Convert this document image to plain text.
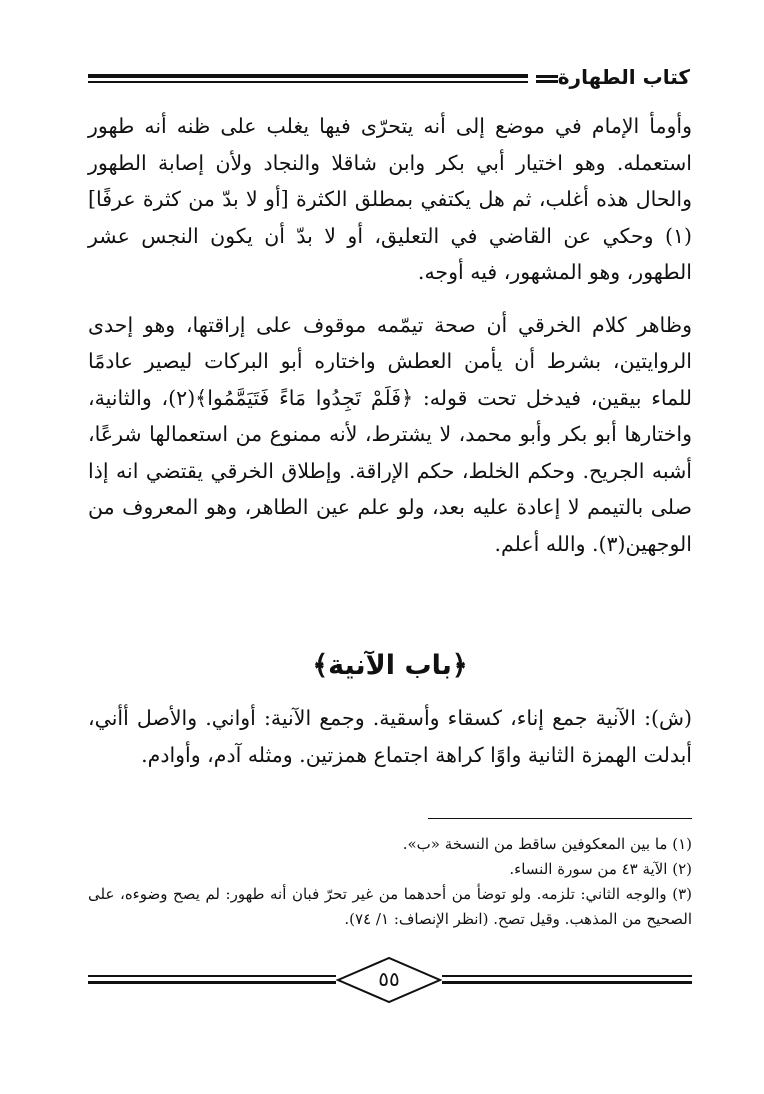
كتاب الطهارة

وأومأ الإمام في موضع إلى أنه يتحرّى فيها يغلب على ظنه أنه طهور استعمله. وهو اختيار أبي بكر وابن شاقلا والنجاد ولأن إصابة الطهور والحال هذه أغلب، ثم هل يكتفي بمطلق الكثرة [أو لا بدّ من كثرة عرفًا](١) وحكي عن القاضي في التعليق، أو لا بدّ أن يكون النجس عشر الطهور، وهو المشهور، فيه أوجه.

وظاهر كلام الخرقي أن صحة تيمّمه موقوف على إراقتها، وهو إحدى الروايتين، بشرط أن يأمن العطش واختاره أبو البركات ليصير عادمًا للماء بيقين، فيدخل تحت قوله: ﴿فَلَمْ تَجِدُوا مَاءً فَتَيَمَّمُوا﴾(٢)، والثانية، واختارها أبو بكر وأبو محمد، لا يشترط، لأنه ممنوع من استعمالها شرعًا، أشبه الجريح. وحكم الخلط، حكم الإراقة. وإطلاق الخرقي يقتضي انه إذا صلى بالتيمم لا إعادة عليه بعد، ولو علم عين الطاهر، وهو المعروف من الوجهين(٣). والله أعلم.

﴿باب الآنية﴾

(ش): الآنية جمع إناء، كسقاء وأسقية. وجمع الآنية: أواني. والأصل أأني، أبدلت الهمزة الثانية واوًا كراهة اجتماع همزتين. ومثله آدم، وأوادم.

(١) ما بين المعكوفين ساقط من النسخة «ب».

(٢) الآية ٤٣ من سورة النساء.

(٣) والوجه الثاني: تلزمه. ولو توضأ من أحدهما من غير تحرّ فبان أنه طهور: لم يصح وضوءه، على الصحيح من المذهب. وقيل تصح. (انظر الإنصاف: ١/ ٧٤).

٥٥
